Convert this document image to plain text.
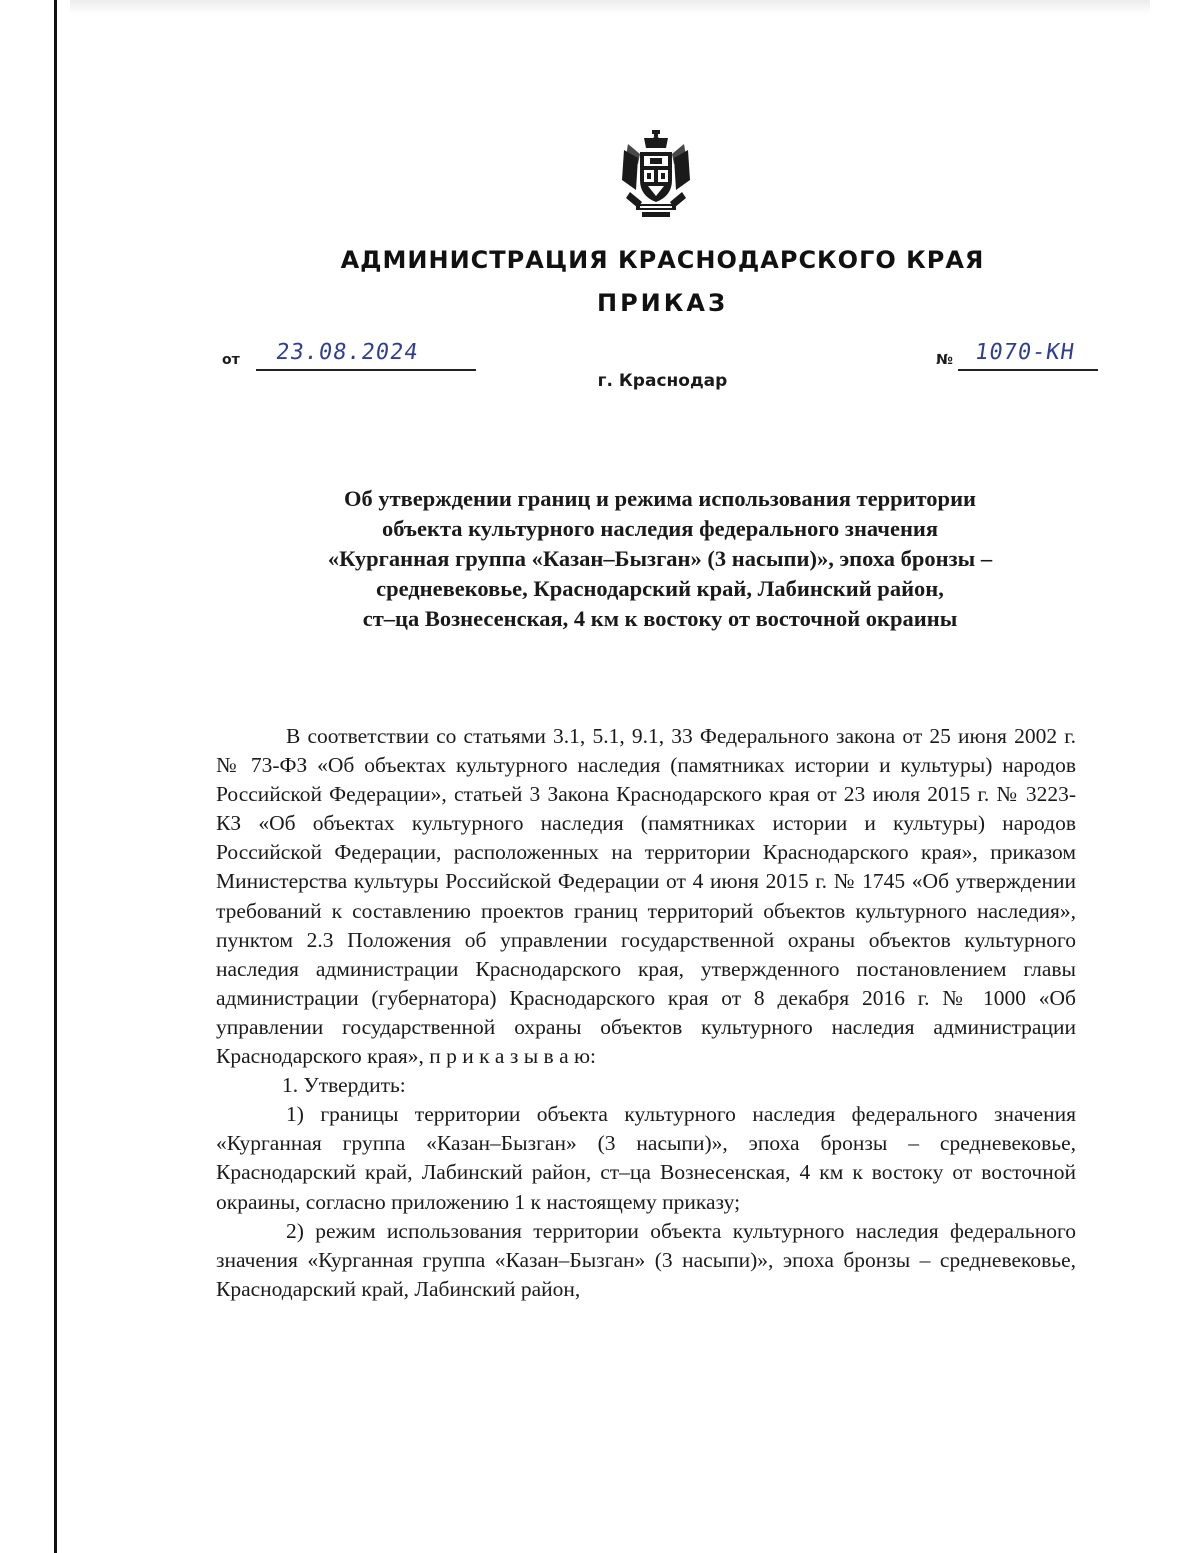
АДМИНИСТРАЦИЯ КРАСНОДАРСКОГО КРАЯ
ПРИКАЗ
от 23.08.2024
г. Краснодар
№ 1070-КН
Об утверждении границ и режима использования территории
объекта культурного наследия федерального значения
«Курганная группа «Казан–Бызган» (3 насыпи)», эпоха бронзы –
средневековье, Краснодарский край, Лабинский район,
ст–ца Вознесенская, 4 км к востоку от восточной окраины

В соответствии со статьями 3.1, 5.1, 9.1, 33 Федерального закона от 25 июня 2002 г. № 73-ФЗ «Об объектах культурного наследия (памятниках истории и культуры) народов Российской Федерации», статьей 3 Закона Краснодарского края от 23 июля 2015 г. № 3223-КЗ «Об объектах культурного наследия (памятниках истории и культуры) народов Российской Федерации, расположенных на территории Краснодарского края», приказом Министерства культуры Российской Федерации от 4 июня 2015 г. № 1745 «Об утверждении требований к составлению проектов границ территорий объектов культурного наследия», пунктом 2.3 Положения об управлении государственной охраны объектов культурного наследия администрации Краснодарского края, утвержденного постановлением главы администрации (губернатора) Краснодарского края от 8 декабря 2016 г. № 1000 «Об управлении государственной охраны объектов культурного наследия администрации Краснодарского края», п р и к а з ы в а ю:

1. Утвердить:

1) границы территории объекта культурного наследия федерального значения «Курганная группа «Казан–Бызган» (3 насыпи)», эпоха бронзы – средневековье, Краснодарский край, Лабинский район, ст–ца Вознесенская, 4 км к востоку от восточной окраины, согласно приложению 1 к настоящему приказу;

2) режим использования территории объекта культурного наследия федерального значения «Курганная группа «Казан–Бызган» (3 насыпи)», эпоха бронзы – средневековье, Краснодарский край, Лабинский район,
